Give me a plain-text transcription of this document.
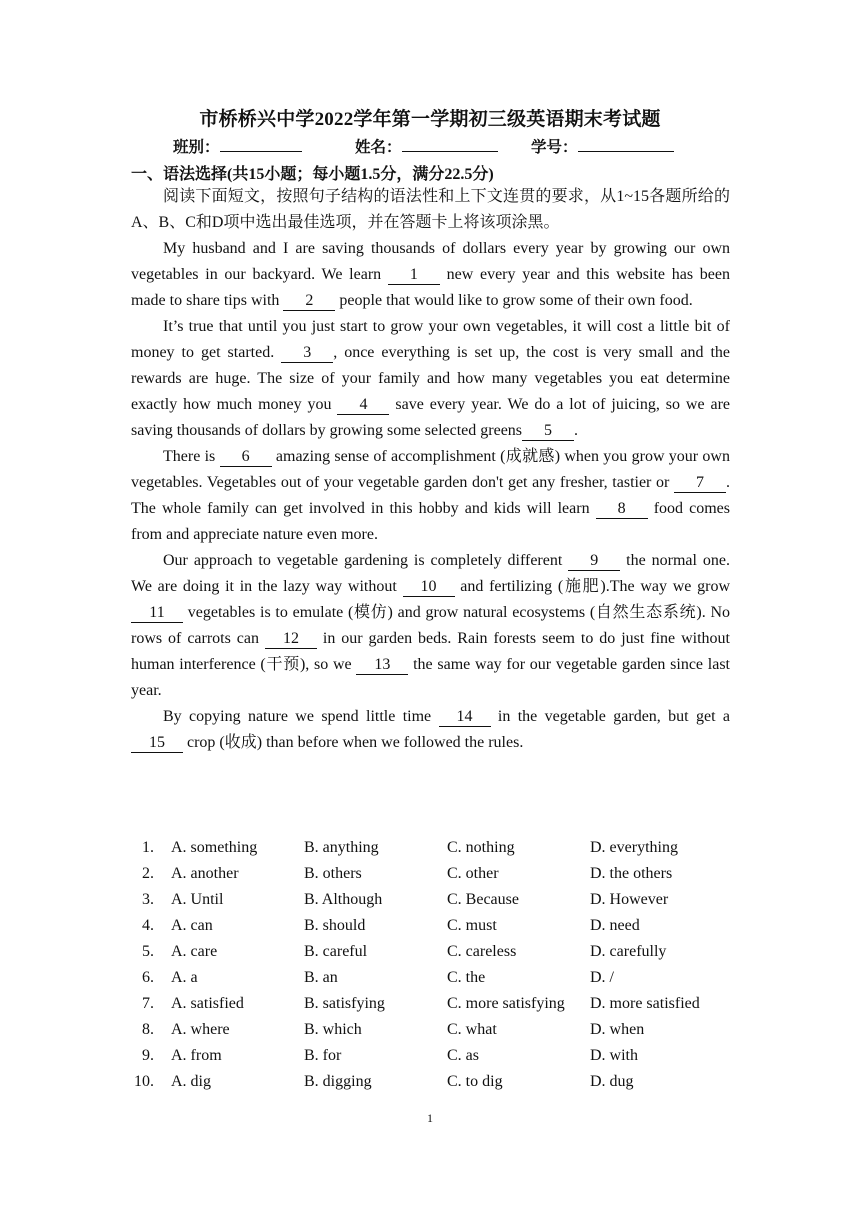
市桥桥兴中学2022学年第一学期初三级英语期末考试题
班别：	姓名：	学号：
一、语法选择(共15小题；每小题1.5分，满分22.5分)

阅读下面短文，按照句子结构的语法性和上下文连贯的要求，从1~15各题所给的A、B、C和D项中选出最佳选项，并在答题卡上将该项涂黑。

My husband and I are saving thousands of dollars every year by growing our own vegetables in our backyard. We learn 1 new every year and this website has been made to share tips with 2 people that would like to grow some of their own food.

It’s true that until you just start to grow your own vegetables, it will cost a little bit of money to get started. 3 , once everything is set up, the cost is very small and the rewards are huge. The size of your family and how many vegetables you eat determine exactly how much money you 4 save every year. We do a lot of juicing, so we are saving thousands of dollars by growing some selected greens 5 .

There is 6 amazing sense of accomplishment (成就感) when you grow your own vegetables. Vegetables out of your vegetable garden don't get any fresher, tastier or 7 . The whole family can get involved in this hobby and kids will learn 8 food comes from and appreciate nature even more.

Our approach to vegetable gardening is completely different 9 the normal one. We are doing it in the lazy way without 10 and fertilizing (施肥).The way we grow 11 vegetables is to emulate (模仿) and grow natural ecosystems (自然生态系统). No rows of carrots can 12 in our garden beds. Rain forests seem to do just fine without human interference (干预), so we 13 the same way for our vegetable garden since last year.

By copying nature we spend little time 14 in the vegetable garden, but get a 15 crop (收成) than before when we followed the rules.

1. A. something	B. anything	C. nothing	D. everything
2. A. another	B. others	C. other	D. the others
3. A. Until	B. Although	C. Because	D. However
4. A. can	B. should	C. must	D. need
5. A. care	B. careful	C. careless	D. carefully
6. A. a	B. an	C. the	D. /
7. A. satisfied	B. satisfying	C. more satisfying D. more satisfied
8. A. where	B. which	C. what	D. when
9. A. from	B. for	C. as	D. with
10. A. dig	B. digging	C. to dig	D. dug
1
